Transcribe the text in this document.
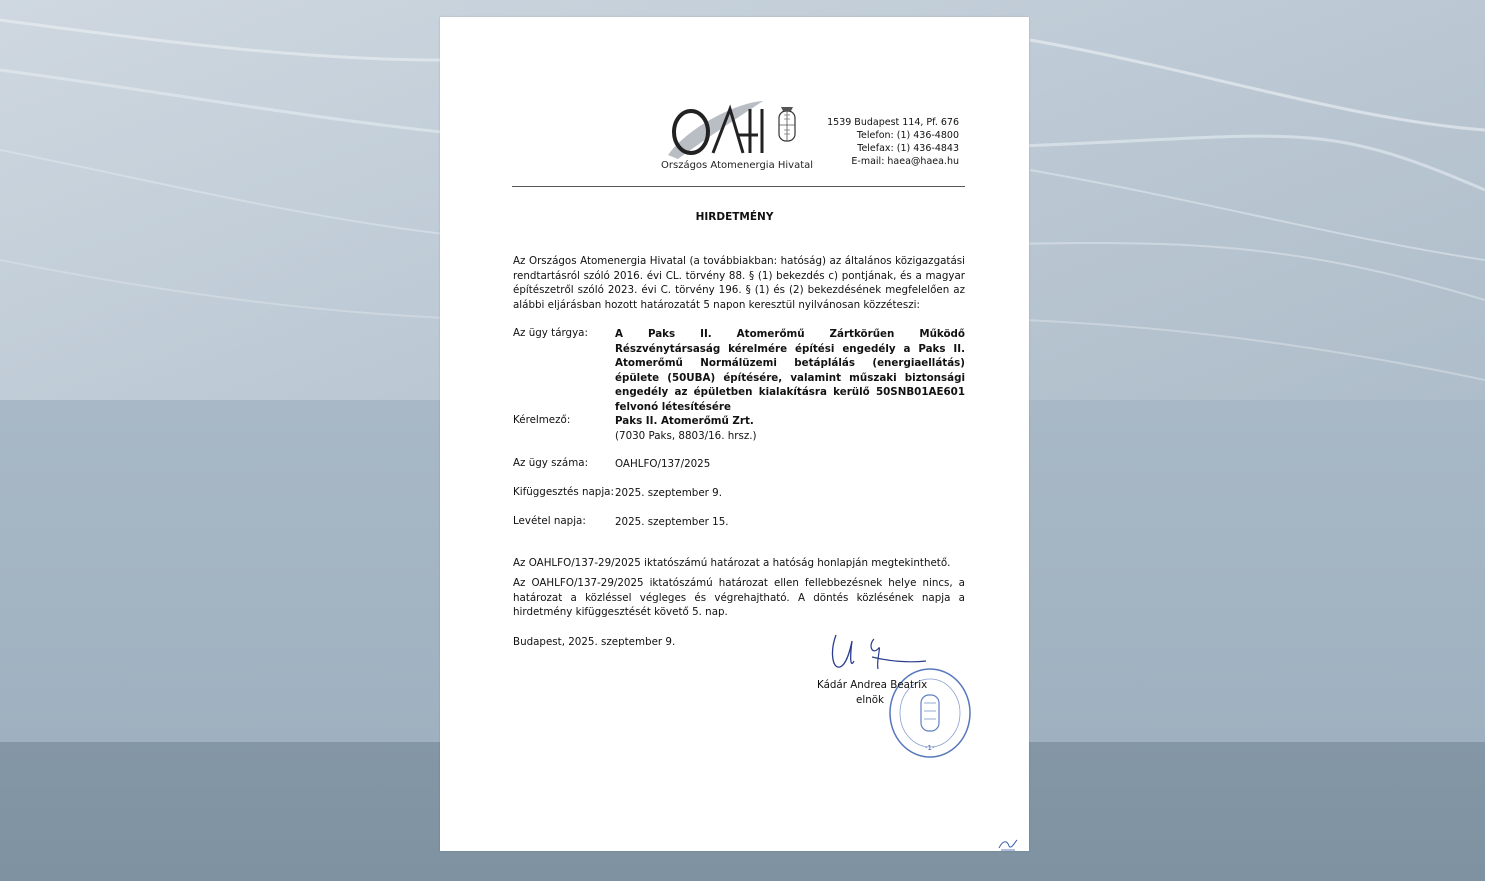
Országos Atomenergia Hivatal
1539 Budapest 114, Pf. 676
Telefon: (1) 436-4800
Telefax: (1) 436-4843
E-mail: haea@haea.hu
HIRDETMÉNY
Az Országos Atomenergia Hivatal (a továbbiakban: hatóság) az általános közigazgatási rendtartásról szóló 2016. évi CL. törvény 88. § (1) bekezdés c) pontjának, és a magyar építészetről szóló 2023. évi C. törvény 196. § (1) és (2) bekezdésének megfelelően az alábbi eljárásban hozott határozatát 5 napon keresztül nyilvánosan közzéteszi:
Az ügy tárgya:	A Paks II. Atomerőmű Zártkörűen Működő Részvénytársaság kérelmére építési engedély a Paks II. Atomerőmű Normálüzemi betáplálás (energiaellátás) épülete (50UBA) építésére, valamint műszaki biztonsági engedély az épületben kialakításra kerülő 50SNB01AE601 felvonó létesítésére
Kérelmező:	Paks II. Atomerőmű Zrt.
(7030 Paks, 8803/16. hrsz.)
Az ügy száma:	OAHLFO/137/2025
Kifüggesztés napja: 2025. szeptember 9.
Levétel napja:	2025. szeptember 15.
Az OAHLFO/137-29/2025 iktatószámú határozat a hatóság honlapján megtekinthető.
Az OAHLFO/137-29/2025 iktatószámú határozat ellen fellebbezésnek helye nincs, a határozat a közléssel végleges és végrehajtható. A döntés közlésének napja a hirdetmény kifüggesztését követő 5. nap.
Budapest, 2025. szeptember 9.
-1-
Kádár Andrea Beatrix
elnök
